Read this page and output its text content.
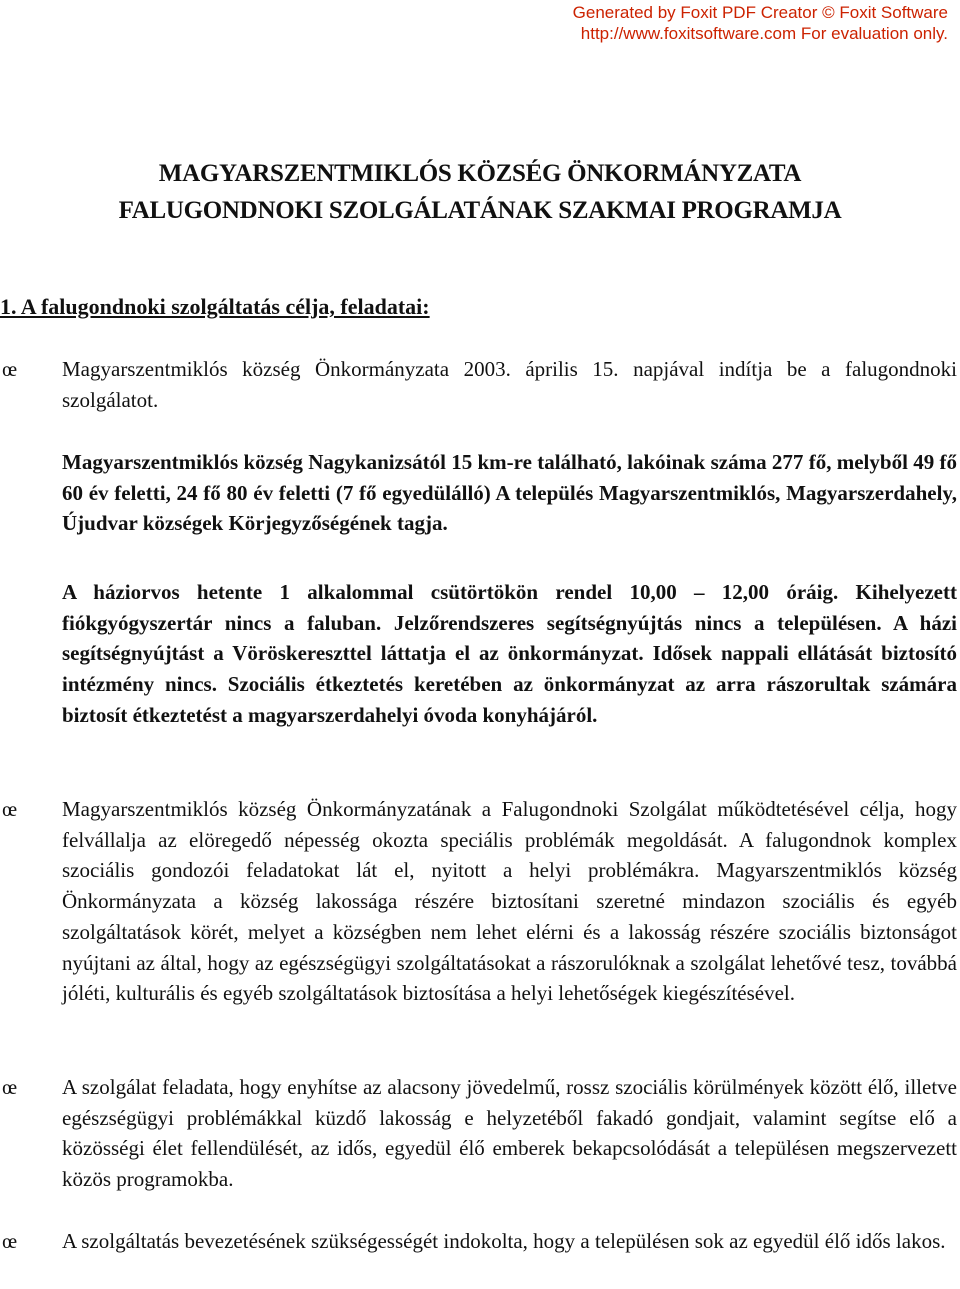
Generated by Foxit PDF Creator © Foxit Software
http://www.foxitsoftware.com For evaluation only.
MAGYARSZENTMIKLÓS KÖZSÉG ÖNKORMÁNYZATA
FALUGONDNOKI SZOLGÁLATÁNAK SZAKMAI PROGRAMJA
1. A falugondnoki szolgáltatás célja, feladatai:
œ Magyarszentmiklós község Önkormányzata 2003. április 15. napjával indítja be a falugondnoki szolgálatot.
Magyarszentmiklós község Nagykanizsától 15 km-re található, lakóinak száma 277 fő, melyből 49 fő 60 év feletti, 24 fő 80 év feletti (7 fő egyedülálló) A település Magyarszentmiklós, Magyarszerdahely, Újudvar községek Körjegyzőségének tagja.
A háziorvos hetente 1 alkalommal csütörtökön rendel 10,00 – 12,00 óráig. Kihelyezett fiókgyógyszertár nincs a faluban. Jelzőrendszeres segítségnyújtás nincs a településen. A házi segítségnyújtást a Vöröskereszttel láttatja el az önkormányzat. Idősek nappali ellátását biztosító intézmény nincs. Szociális étkeztetés keretében az önkormányzat az arra rászorultak számára biztosít étkeztetést a magyarszerdahelyi óvoda konyhájáról.
œ Magyarszentmiklós község Önkormányzatának a Falugondnoki Szolgálat működtetésével célja, hogy felvállalja az elöregedő népesség okozta speciális problémák megoldását. A falugondnok komplex szociális gondozói feladatokat lát el, nyitott a helyi problémákra. Magyarszentmiklós község Önkormányzata a község lakossága részére biztosítani szeretné mindazon szociális és egyéb szolgáltatások körét, melyet a községben nem lehet elérni és a lakosság részére szociális biztonságot nyújtani az által, hogy az egészségügyi szolgáltatásokat a rászorulóknak a szolgálat lehetővé tesz, továbbá jóléti, kulturális és egyéb szolgáltatások biztosítása a helyi lehetőségek kiegészítésével.
œ A szolgálat feladata, hogy enyhítse az alacsony jövedelmű, rossz szociális körülmények között élő, illetve egészségügyi problémákkal küzdő lakosság e helyzetéből fakadó gondjait, valamint segítse elő a közösségi élet fellendülését, az idős, egyedül élő emberek bekapcsolódását a településen megszervezett közös programokba.
œ A szolgáltatás bevezetésének szükségességét indokolta, hogy a településen sok az egyedül élő idős lakos.
